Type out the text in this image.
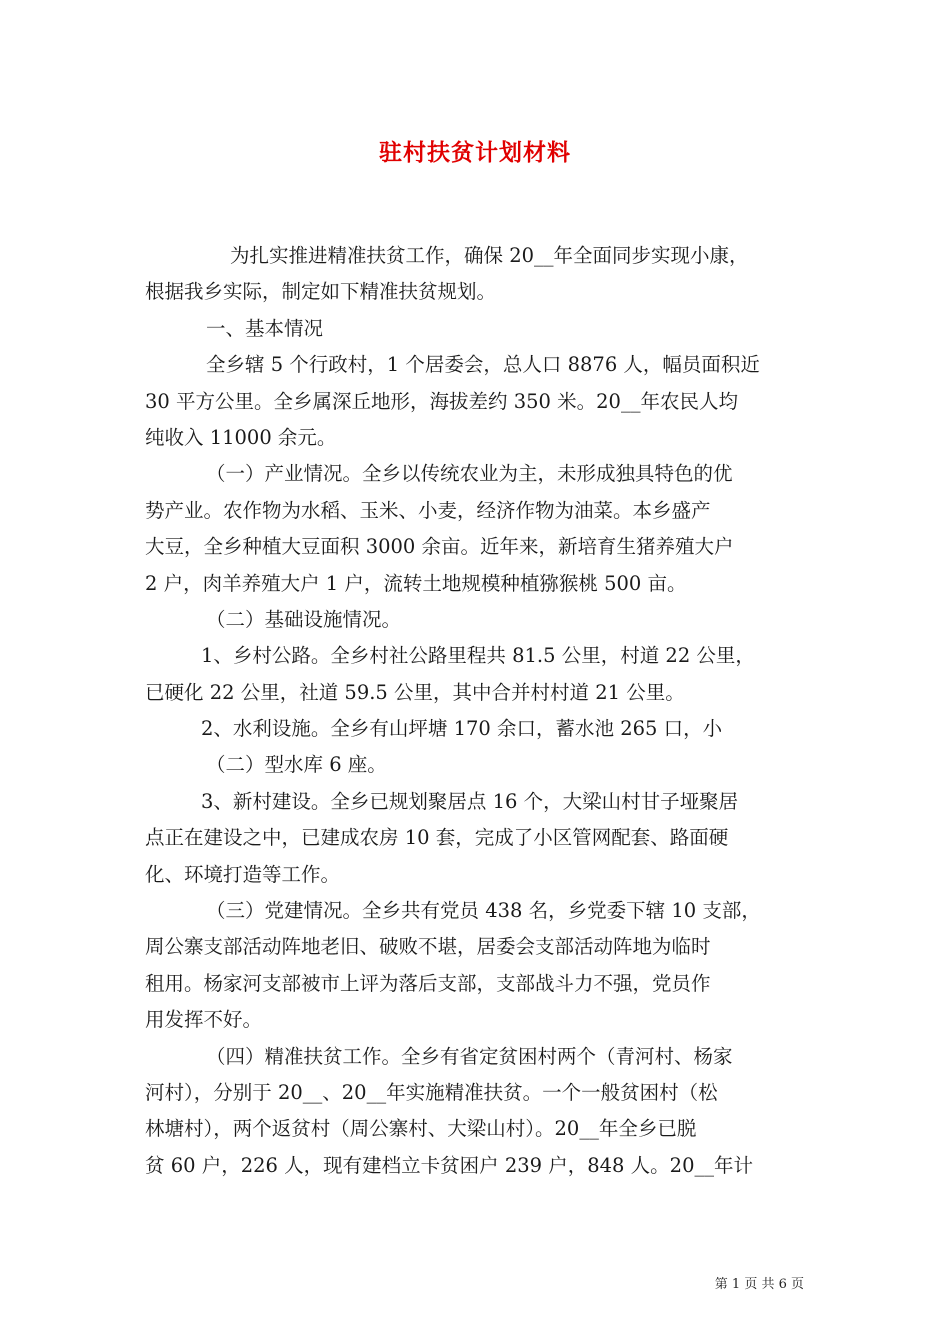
驻村扶贫计划材料
为扎实推进精准扶贫工作，确保 20__年全面同步实现小康，
根据我乡实际，制定如下精准扶贫规划。
一、基本情况
全乡辖 5 个行政村，1 个居委会，总人口 8876 人，幅员面积近
30 平方公里。全乡属深丘地形，海拔差约 350 米。20__年农民人均
纯收入 11000 余元。
（一）产业情况。全乡以传统农业为主，未形成独具特色的优
势产业。农作物为水稻、玉米、小麦，经济作物为油菜。本乡盛产
大豆，全乡种植大豆面积 3000 余亩。近年来，新培育生猪养殖大户
2 户，肉羊养殖大户 1 户，流转土地规模种植猕猴桃 500 亩。
（二）基础设施情况。
1、乡村公路。全乡村社公路里程共 81.5 公里，村道 22 公里，
已硬化 22 公里，社道 59.5 公里，其中合并村村道 21 公里。
2、水利设施。全乡有山坪塘 170 余口，蓄水池 265 口，小
（二）型水库 6 座。
3、新村建设。全乡已规划聚居点 16 个，大梁山村甘子垭聚居
点正在建设之中，已建成农房 10 套，完成了小区管网配套、路面硬
化、环境打造等工作。
（三）党建情况。全乡共有党员 438 名，乡党委下辖 10 支部，
周公寨支部活动阵地老旧、破败不堪，居委会支部活动阵地为临时
租用。杨家河支部被市上评为落后支部，支部战斗力不强，党员作
用发挥不好。
（四）精准扶贫工作。全乡有省定贫困村两个（青河村、杨家
河村），分别于 20__、20__年实施精准扶贫。一个一般贫困村（松
林塘村），两个返贫村（周公寨村、大梁山村）。20__年全乡已脱
贫 60 户，226 人，现有建档立卡贫困户 239 户，848 人。20__年计
第 1 页 共 6 页
